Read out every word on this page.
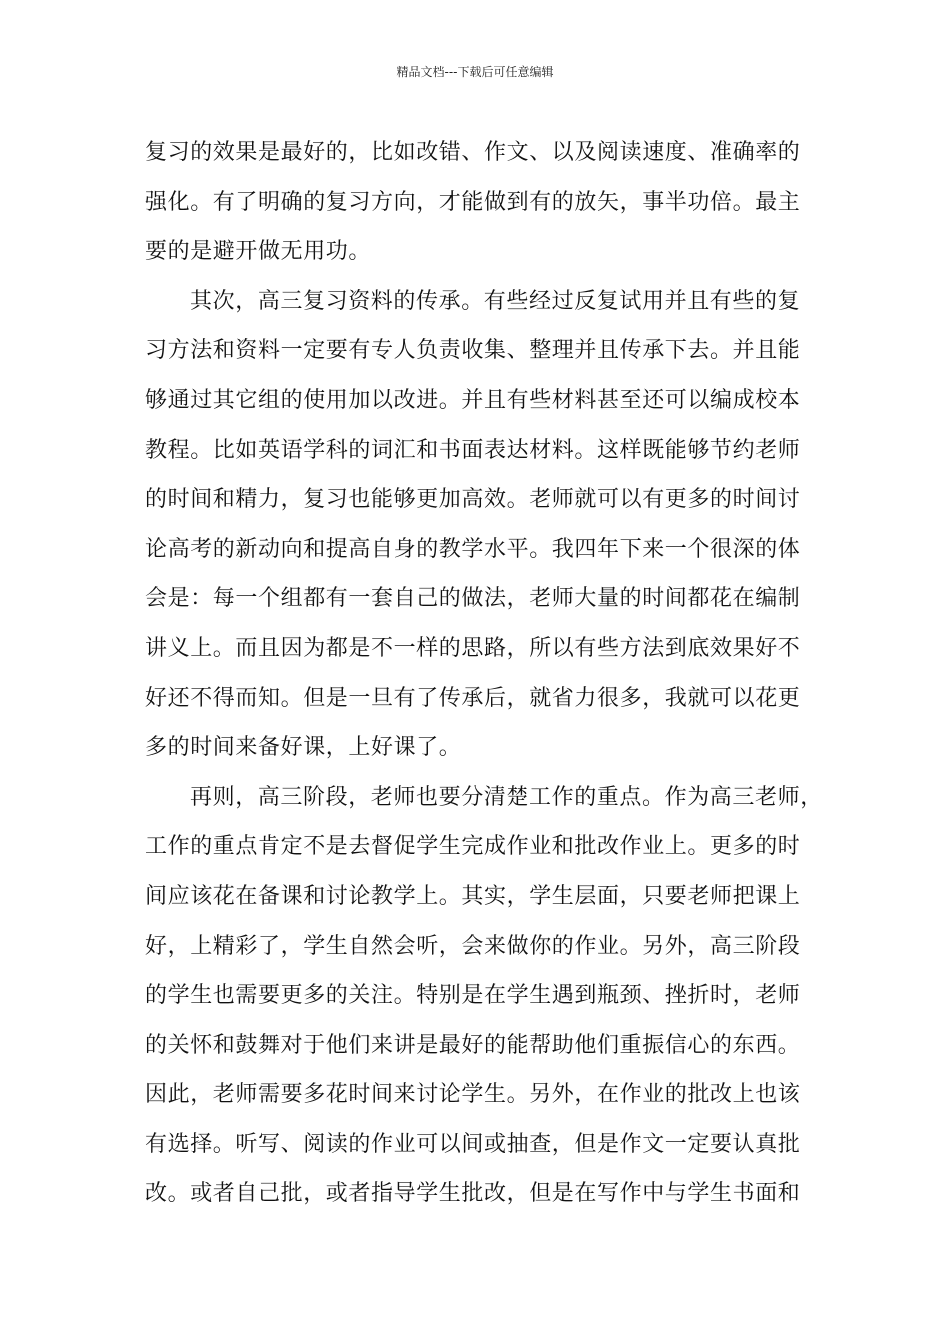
精品文档---下载后可任意编辑
复习的效果是最好的，比如改错、作文、以及阅读速度、准确率的
强化。有了明确的复习方向，才能做到有的放矢，事半功倍。最主
要的是避开做无用功。
其次，高三复习资料的传承。有些经过反复试用并且有些的复
习方法和资料一定要有专人负责收集、整理并且传承下去。并且能
够通过其它组的使用加以改进。并且有些材料甚至还可以编成校本
教程。比如英语学科的词汇和书面表达材料。这样既能够节约老师
的时间和精力，复习也能够更加高效。老师就可以有更多的时间讨
论高考的新动向和提高自身的教学水平。我四年下来一个很深的体
会是：每一个组都有一套自己的做法，老师大量的时间都花在编制
讲义上。而且因为都是不一样的思路，所以有些方法到底效果好不
好还不得而知。但是一旦有了传承后，就省力很多，我就可以花更
多的时间来备好课，上好课了。
再则，高三阶段，老师也要分清楚工作的重点。作为高三老师，
工作的重点肯定不是去督促学生完成作业和批改作业上。更多的时
间应该花在备课和讨论教学上。其实，学生层面，只要老师把课上
好，上精彩了，学生自然会听，会来做你的作业。另外，高三阶段
的学生也需要更多的关注。特别是在学生遇到瓶颈、挫折时，老师
的关怀和鼓舞对于他们来讲是最好的能帮助他们重振信心的东西。
因此，老师需要多花时间来讨论学生。另外，在作业的批改上也该
有选择。听写、阅读的作业可以间或抽查，但是作文一定要认真批
改。或者自己批，或者指导学生批改，但是在写作中与学生书面和
